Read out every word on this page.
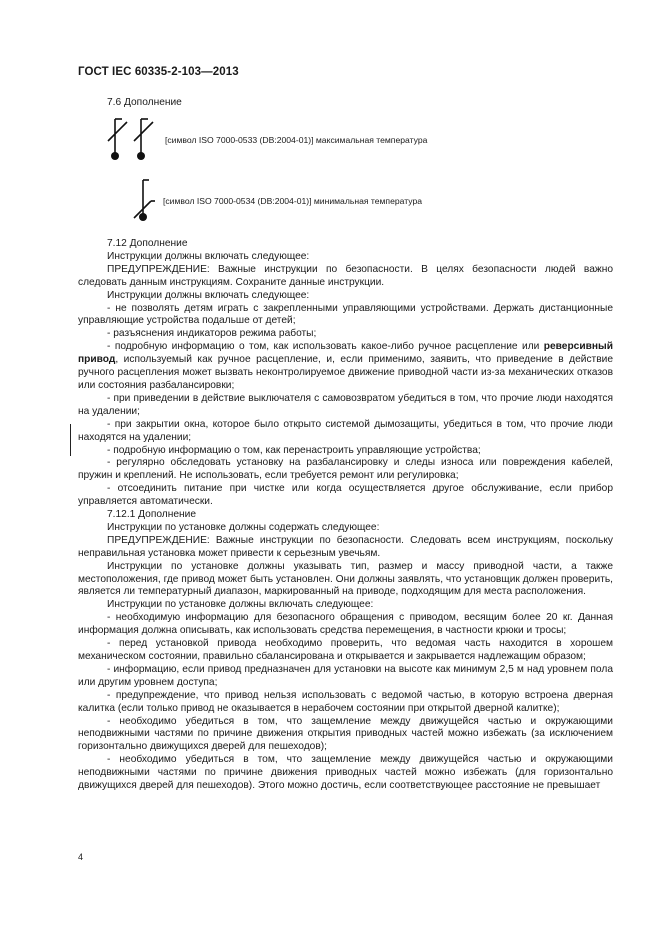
ГОСТ IEC 60335-2-103—2013
7.6 Дополнение
[символ ISO 7000-0533 (DB:2004-01)] максимальная температура
[символ ISO 7000-0534 (DB:2004-01)] минимальная температура

7.12 Дополнение

Инструкции должны включать следующее:

ПРЕДУПРЕЖДЕНИЕ: Важные инструкции по безопасности. В целях безопасности людей важно следовать данным инструкциям. Сохраните данные инструкции.

Инструкции должны включать следующее:

- не позволять детям играть с закрепленными управляющими устройствами. Держать дистанционные управляющие устройства подальше от детей;

- разъяснения индикаторов режима работы;

- подробную информацию о том, как использовать какое-либо ручное расцепление или реверсивный привод, используемый как ручное расцепление, и, если применимо, заявить, что приведение в действие ручного расцепления может вызвать неконтролируемое движение приводной части из-за механических отказов или состояния разбалансировки;

- при приведении в действие выключателя с самовозвратом убедиться в том, что прочие люди находятся на удалении;

- при закрытии окна, которое было открыто системой дымозащиты, убедиться в том, что прочие люди находятся на удалении;

- подробную информацию о том, как перенастроить управляющие устройства;

- регулярно обследовать установку на разбалансировку и следы износа или повреждения кабелей, пружин и креплений. Не использовать, если требуется ремонт или регулировка;

- отсоединить питание при чистке или когда осуществляется другое обслуживание, если прибор управляется автоматически.

7.12.1 Дополнение

Инструкции по установке должны содержать следующее:

ПРЕДУПРЕЖДЕНИЕ: Важные инструкции по безопасности. Следовать всем инструкциям, поскольку неправильная установка может привести к серьезным увечьям.

Инструкции по установке должны указывать тип, размер и массу приводной части, а также местоположения, где привод может быть установлен. Они должны заявлять, что установщик должен проверить, является ли температурный диапазон, маркированный на приводе, подходящим для места расположения.

Инструкции по установке должны включать следующее:

- необходимую информацию для безопасного обращения с приводом, весящим более 20 кг. Данная информация должна описывать, как использовать средства перемещения, в частности крюки и тросы;

- перед установкой привода необходимо проверить, что ведомая часть находится в хорошем механическом состоянии, правильно сбалансирована и открывается и закрывается надлежащим образом;

- информацию, если привод предназначен для установки на высоте как минимум 2,5 м над уровнем пола или другим уровнем доступа;

- предупреждение, что привод нельзя использовать с ведомой частью, в которую встроена дверная калитка (если только привод не оказывается в нерабочем состоянии при открытой дверной калитке);

- необходимо убедиться в том, что защемление между движущейся частью и окружающими неподвижными частями по причине движения открытия приводных частей можно избежать (за исключением горизонтально движущихся дверей для пешеходов);

- необходимо убедиться в том, что защемление между движущейся частью и окружающими неподвижными частями по причине движения приводных частей можно избежать (для горизонтально движущихся дверей для пешеходов). Этого можно достичь, если соответствующее расстояние не превышает

4
